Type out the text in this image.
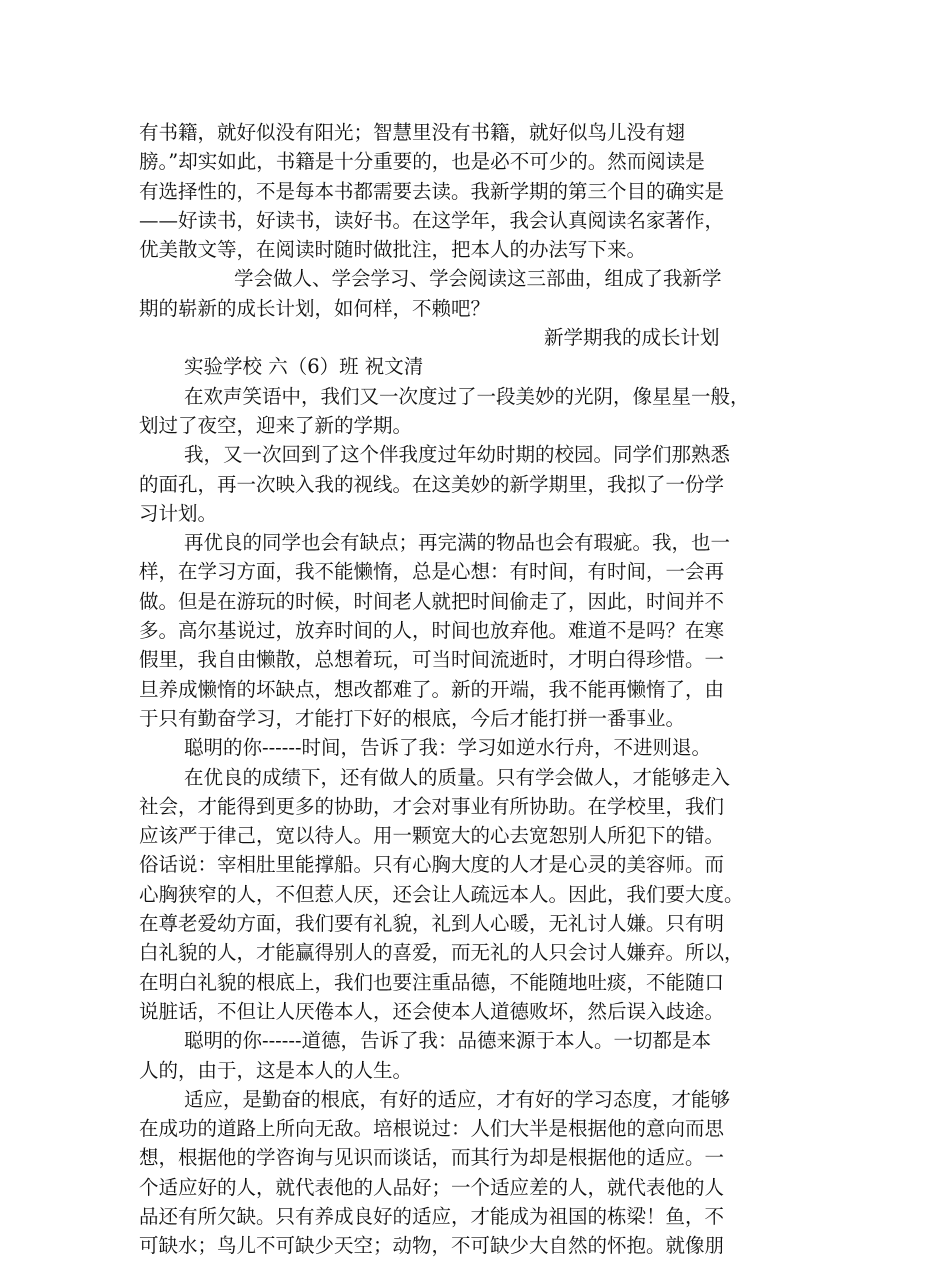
有书籍，就好似没有阳光；智慧里没有书籍，就好似鸟儿没有翅
膀。”却实如此，书籍是十分重要的，也是必不可少的。然而阅读是
有选择性的，不是每本书都需要去读。我新学期的第三个目的确实是
——好读书，好读书，读好书。在这学年，我会认真阅读名家著作，
优美散文等，在阅读时随时做批注，把本人的办法写下来。
学会做人、学会学习、学会阅读这三部曲，组成了我新学
期的崭新的成长计划，如何样，不赖吧？
新学期我的成长计划
实验学校 六（6）班 祝文清
在欢声笑语中，我们又一次度过了一段美妙的光阴，像星星一般，
划过了夜空，迎来了新的学期。
我，又一次回到了这个伴我度过年幼时期的校园。同学们那熟悉
的面孔，再一次映入我的视线。在这美妙的新学期里，我拟了一份学
习计划。
再优良的同学也会有缺点；再完满的物品也会有瑕疵。我，也一
样，在学习方面，我不能懒惰，总是心想：有时间，有时间，一会再
做。但是在游玩的时候，时间老人就把时间偷走了，因此，时间并不
多。高尔基说过，放弃时间的人，时间也放弃他。难道不是吗？在寒
假里，我自由懒散，总想着玩，可当时间流逝时，才明白得珍惜。一
旦养成懒惰的坏缺点，想改都难了。新的开端，我不能再懒惰了，由
于只有勤奋学习，才能打下好的根底，今后才能打拼一番事业。
聪明的你------时间，告诉了我：学习如逆水行舟，不进则退。
在优良的成绩下，还有做人的质量。只有学会做人，才能够走入
社会，才能得到更多的协助，才会对事业有所协助。在学校里，我们
应该严于律己，宽以待人。用一颗宽大的心去宽恕别人所犯下的错。
俗话说：宰相肚里能撑船。只有心胸大度的人才是心灵的美容师。而
心胸狭窄的人，不但惹人厌，还会让人疏远本人。因此，我们要大度。
在尊老爱幼方面，我们要有礼貌，礼到人心暖，无礼讨人嫌。只有明
白礼貌的人，才能赢得别人的喜爱，而无礼的人只会讨人嫌弃。所以，
在明白礼貌的根底上，我们也要注重品德，不能随地吐痰，不能随口
说脏话，不但让人厌倦本人，还会使本人道德败坏，然后误入歧途。
聪明的你------道德，告诉了我：品德来源于本人。一切都是本
人的，由于，这是本人的人生。
适应，是勤奋的根底，有好的适应，才有好的学习态度，才能够
在成功的道路上所向无敌。培根说过：人们大半是根据他的意向而思
想，根据他的学咨询与见识而谈话，而其行为却是根据他的适应。一
个适应好的人，就代表他的人品好；一个适应差的人，就代表他的人
品还有所欠缺。只有养成良好的适应，才能成为祖国的栋梁！鱼，不
可缺水；鸟儿不可缺少天空；动物，不可缺少大自然的怀抱。就像朋
